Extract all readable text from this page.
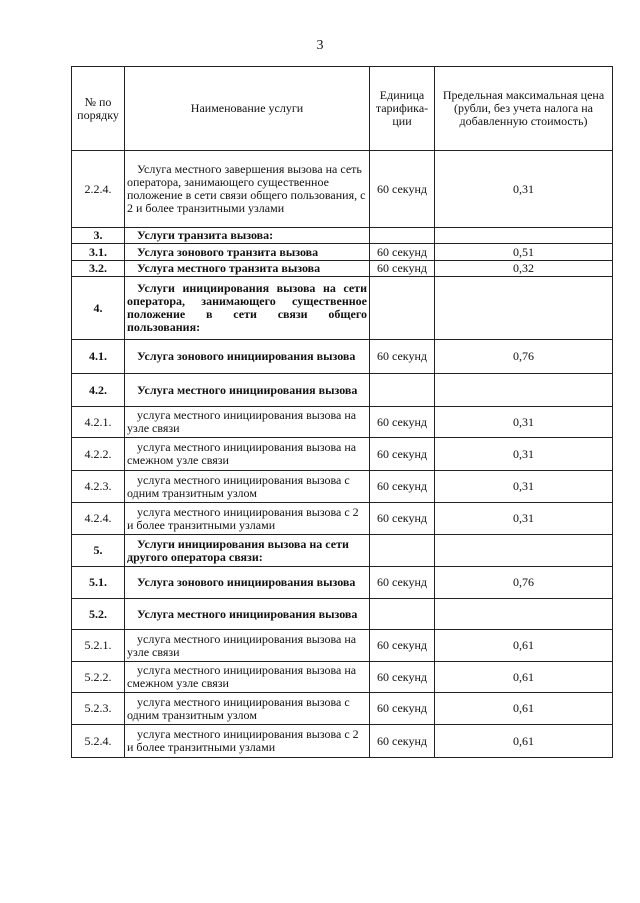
3
№ по порядку	Наименование услуги	Единица тарифика-ции	Предельная максимальная цена (рубли, без учета налога на добавленную стоимость)
2.2.4.	Услуга местного завершения вызова на сеть оператора, занимающего существенное положение в сети связи общего пользования, с 2 и более транзитными узлами	60 секунд	0,31
3.	Услуги транзита вызова:		
3.1.	Услуга зонового транзита вызова	60 секунд	0,51
3.2.	Услуга местного транзита вызова	60 секунд	0,32
4.	Услуги инициирования вызова на сети оператора, занимающего существенное положение в сети связи общего пользования:		
4.1.	Услуга зонового инициирования вызова	60 секунд	0,76
4.2.	Услуга местного инициирования вызова		
4.2.1.	услуга местного инициирования вызова на узле связи	60 секунд	0,31
4.2.2.	услуга местного инициирования вызова на смежном узле связи	60 секунд	0,31
4.2.3.	услуга местного инициирования вызова с одним транзитным узлом	60 секунд	0,31
4.2.4.	услуга местного инициирования вызова с 2 и более транзитными узлами	60 секунд	0,31
5.	Услуги инициирования вызова на сети другого оператора связи:		
5.1.	Услуга зонового инициирования вызова	60 секунд	0,76
5.2.	Услуга местного инициирования вызова		
5.2.1.	услуга местного инициирования вызова на узле связи	60 секунд	0,61
5.2.2.	услуга местного инициирования вызова на смежном узле связи	60 секунд	0,61
5.2.3.	услуга местного инициирования вызова с одним транзитным узлом	60 секунд	0,61
5.2.4.	услуга местного инициирования вызова с 2 и более транзитными узлами	60 секунд	0,61
